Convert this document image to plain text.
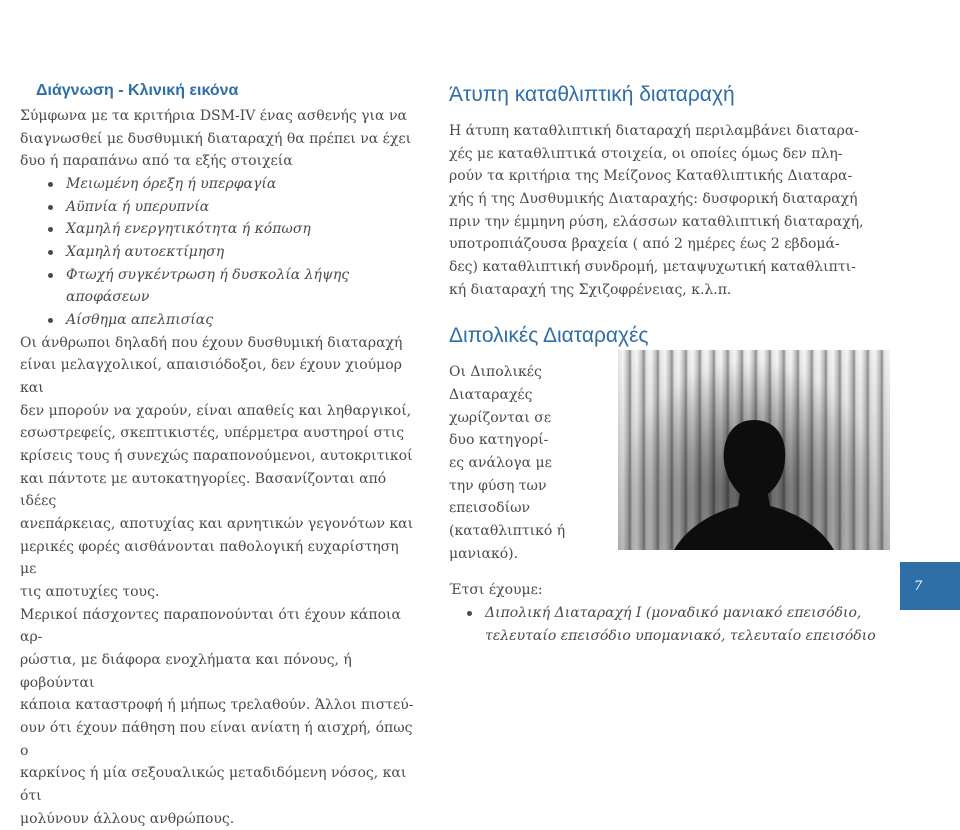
Διάγνωση - Κλινική εικόνα
Σύμφωνα με τα κριτήρια DSM-IV ένας ασθενής για να
διαγνωσθεί με δυσθυμική διαταραχή θα πρέπει να έχει
δυο ή παραπάνω από τα εξής στοιχεία
Μειωμένη όρεξη ή υπερφαγία
Αϋπνία ή υπερυπνία
Χαμηλή ενεργητικότητα ή κόπωση
Χαμηλή αυτοεκτίμηση
Φτωχή συγκέντρωση ή δυσκολία λήψης αποφάσεων
Αίσθημα απελπισίας
Οι άνθρωποι δηλαδή που έχουν δυσθυμική διαταραχή
είναι μελαγχολικοί, απαισιόδοξοι, δεν έχουν χιούμορ και
δεν μπορούν να χαρούν, είναι απαθείς και ληθαργικοί,
εσωστρεφείς, σκεπτικιστές, υπέρμετρα αυστηροί στις
κρίσεις τους ή συνεχώς παραπονούμενοι, αυτοκριτικοί
και πάντοτε με αυτοκατηγορίες. Βασανίζονται από ιδέες
ανεπάρκειας, αποτυχίας και αρνητικών γεγονότων και
μερικές φορές αισθάνονται παθολογική ευχαρίστηση με
τις αποτυχίες τους.
Μερικοί πάσχοντες παραπονούνται ότι έχουν κάποια αρ-
ρώστια, με διάφορα ενοχλήματα και πόνους, ή φοβούνται
κάποια καταστροφή ή μήπως τρελαθούν. Άλλοι πιστεύ-
ουν ότι έχουν πάθηση που είναι ανίατη ή αισχρή, όπως ο
καρκίνος ή μία σεξουαλικώς μεταδιδόμενη νόσος, και ότι
μολύνουν άλλους ανθρώπους.
Άτυπη καταθλιπτική διαταραχή
Η άτυπη καταθλιπτική διαταραχή περιλαμβάνει διαταρα-
χές με καταθλιπτικά στοιχεία, οι οποίες όμως δεν πλη-
ρούν τα κριτήρια της Μείζονος Καταθλιπτικής Διαταρα-
χής ή της Δυσθυμικής Διαταραχής: δυσφορική διαταραχή
πριν την έμμηνη ρύση, ελάσσων καταθλιπτική διαταραχή,
υποτροπιάζουσα βραχεία ( από 2 ημέρες έως 2 εβδομά-
δες) καταθλιπτική συνδρομή, μεταψυχωτική καταθλιπτι-
κή διαταραχή της Σχιζοφρένειας, κ.λ.π.
Διπολικές Διαταραχές
Οι Διπολικές
Διαταραχές
χωρίζονται σε
δυο κατηγορί-
ες ανάλογα με
την φύση των
επεισοδίων
(καταθλιπτικό ή
μανιακό).
Έτσι έχουμε:
Διπολική Διαταραχή Ι (μοναδικό μανιακό επεισόδιο,
τελευταίο επεισόδιο υπομανιακό, τελευταίο επεισόδιο
7
